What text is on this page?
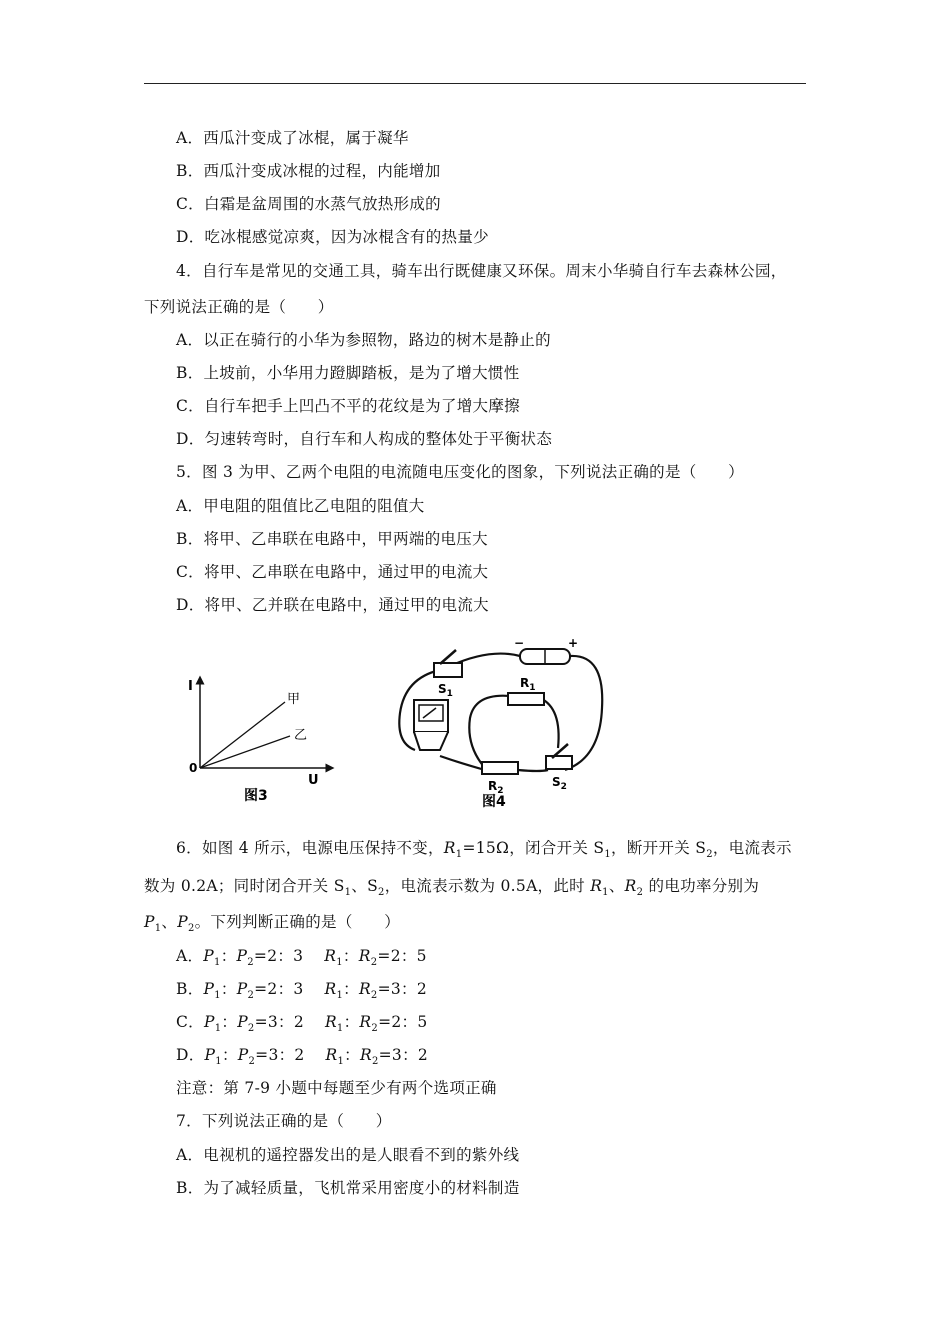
A．西瓜汁变成了冰棍，属于凝华
B．西瓜汁变成冰棍的过程，内能增加
C．白霜是盆周围的水蒸气放热形成的
D．吃冰棍感觉凉爽，因为冰棍含有的热量少
4．自行车是常见的交通工具，骑车出行既健康又环保。周末小华骑自行车去森林公园，
下列说法正确的是（　　）
A．以正在骑行的小华为参照物，路边的树木是静止的
B．上坡前，小华用力蹬脚踏板，是为了增大惯性
C．自行车把手上凹凸不平的花纹是为了增大摩擦
D．匀速转弯时，自行车和人构成的整体处于平衡状态
5．图 3 为甲、乙两个电阻的电流随电压变化的图象，下列说法正确的是（　　）
A．甲电阻的阻值比乙电阻的阻值大
B．将甲、乙串联在电路中，甲两端的电压大
C．将甲、乙串联在电路中，通过甲的电流大
D．将甲、乙并联在电路中，通过甲的电流大
I
U
0
甲
乙
图3
−	+
$S_1$
$R_1$
$R_2$
$S_2$
图4
6．如图 4 所示，电源电压保持不变，$R_1=15\Omega$，闭合开关 $S_1$，断开开关 $S_2$，电流表示
数为 0.2A；同时闭合开关 $S_1$、$S_2$，电流表示数为 0.5A，此时 $R_1$、$R_2$ 的电功率分别为
$P_1$、$P_2$。下列判断正确的是（　　）
A．$P_1$：$P_2=2$：3 $R_1$：$R_2=2$：5
B．$P_1$：$P_2=2$：3 $R_1$：$R_2=3$：2
C．$P_1$：$P_2=3$：2 $R_1$：$R_2=2$：5
D．$P_1$：$P_2=3$：2 $R_1$：$R_2=3$：2
注意：第 7-9 小题中每题至少有两个选项正确
7．下列说法正确的是（　　）
A．电视机的遥控器发出的是人眼看不到的紫外线
B．为了减轻质量，飞机常采用密度小的材料制造
